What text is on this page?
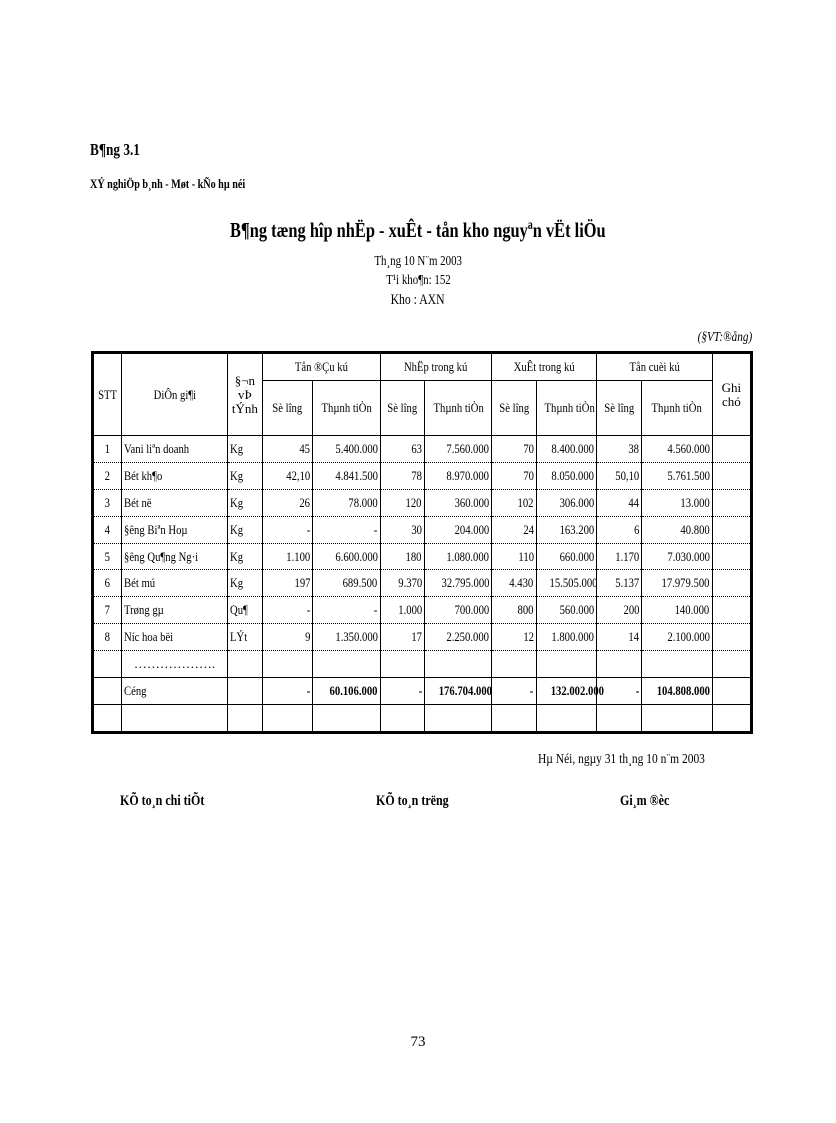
B¶ng 3.1
XÝ nghiÖp b¸nh - Møt - kÑo hµ néi
B¶ng tæng hîp nhËp - xuÊt - tån kho nguyªn vËt liÖu
Th¸ng 10 N¨m 2003
T¹i kho¶n: 152
Kho : AXN
(§VT:®ång)
STT	DiÔn gi¶i	§¬n vÞ tÝnh	Tån ®Çu kú		NhËp trong kú		XuÊt trong kú		Tån cuèi kú		Ghi chó
			Sè lîng	Thµnh tiÒn	Sè lîng	Thµnh tiÒn	Sè lîng	Thµnh tiÒn	Sè lîng	Thµnh tiÒn	
1	Vani liªn doanh	Kg	45	5.400.000	63	7.560.000	70	8.400.000	38	4.560.000	
2	Bét kh¶o	Kg	42,10	4.841.500	78	8.970.000	70	8.050.000	50,10	5.761.500	
3	Bét në	Kg	26	78.000	120	360.000	102	306.000	44	13.000	
4	§êng Biªn Hoµ	Kg	-	-	30	204.000	24	163.200	6	40.800	
5	§êng Qu¶ng Ng·i	Kg	1.100	6.600.000	180	1.080.000	110	660.000	1.170	7.030.000	
6	Bét mú	Kg	197	689.500	9.370	32.795.000	4.430	15.505.000	5.137	17.979.500	
7	Trøng gµ	Qu¶	-	-	1.000	700.000	800	560.000	200	140.000	
8	Níc hoa bëi	LÝt	9	1.350.000	17	2.250.000	12	1.800.000	14	2.100.000	
	……………….										
	Céng		-	60.106.000	-	176.704.000	-	132.002.000	-	104.808.000	

Hµ Néi, ngµy 31 th¸ng 10 n¨m 2003
KÕ to¸n chi tiÕt	KÕ to¸n trëng	Gi¸m ®èc
73
